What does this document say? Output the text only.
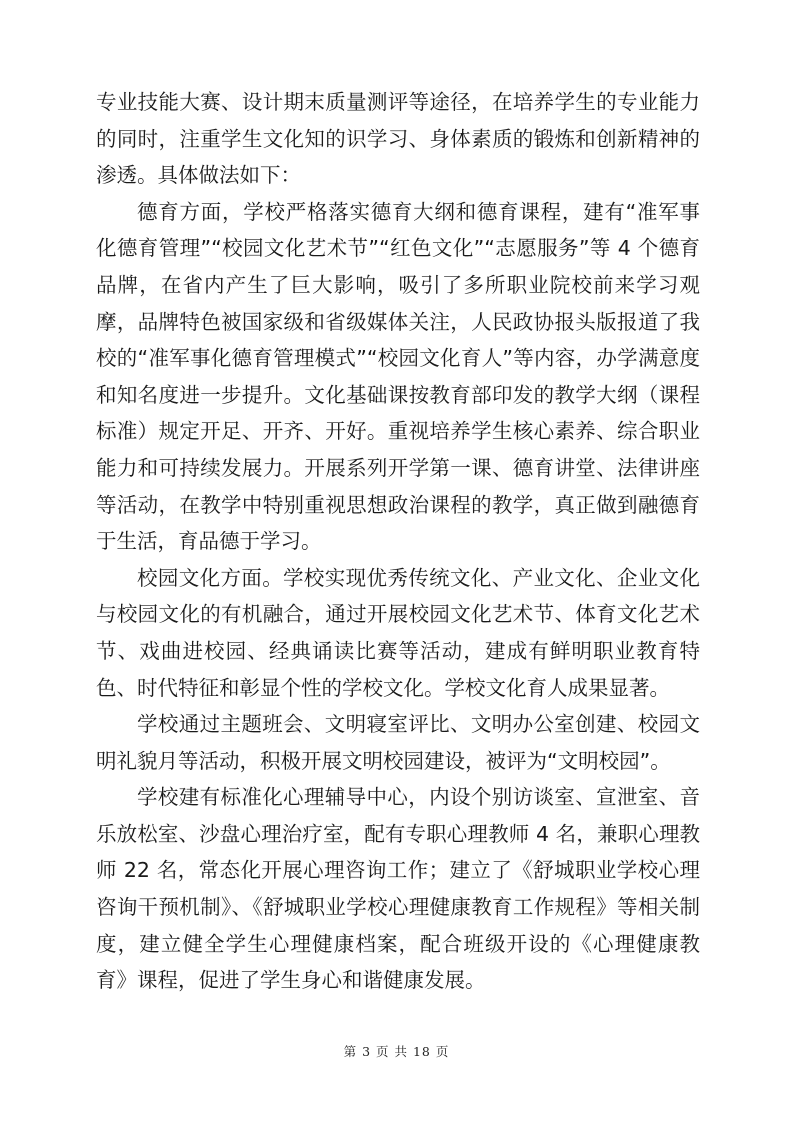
专业技能大赛、设计期末质量测评等途径，在培养学生的专业能力的同时，注重学生文化知的识学习、身体素质的锻炼和创新精神的渗透。具体做法如下：

德育方面，学校严格落实德育大纲和德育课程，建有“准军事化德育管理”“校园文化艺术节”“红色文化”“志愿服务”等 4 个德育品牌，在省内产生了巨大影响，吸引了多所职业院校前来学习观摩，品牌特色被国家级和省级媒体关注，人民政协报头版报道了我校的“准军事化德育管理模式”“校园文化育人”等内容，办学满意度和知名度进一步提升。文化基础课按教育部印发的教学大纲（课程标准）规定开足、开齐、开好。重视培养学生核心素养、综合职业能力和可持续发展力。开展系列开学第一课、德育讲堂、法律讲座等活动，在教学中特别重视思想政治课程的教学，真正做到融德育于生活，育品德于学习。

校园文化方面。学校实现优秀传统文化、产业文化、企业文化与校园文化的有机融合，通过开展校园文化艺术节、体育文化艺术节、戏曲进校园、经典诵读比赛等活动，建成有鲜明职业教育特色、时代特征和彰显个性的学校文化。学校文化育人成果显著。

学校通过主题班会、文明寝室评比、文明办公室创建、校园文明礼貌月等活动，积极开展文明校园建设，被评为“文明校园”。

学校建有标准化心理辅导中心，内设个别访谈室、宣泄室、音乐放松室、沙盘心理治疗室，配有专职心理教师 4 名，兼职心理教师 22 名，常态化开展心理咨询工作；建立了《舒城职业学校心理咨询干预机制》、《舒城职业学校心理健康教育工作规程》等相关制度，建立健全学生心理健康档案，配合班级开设的《心理健康教育》课程，促进了学生身心和谐健康发展。

第 3 页 共 18 页
